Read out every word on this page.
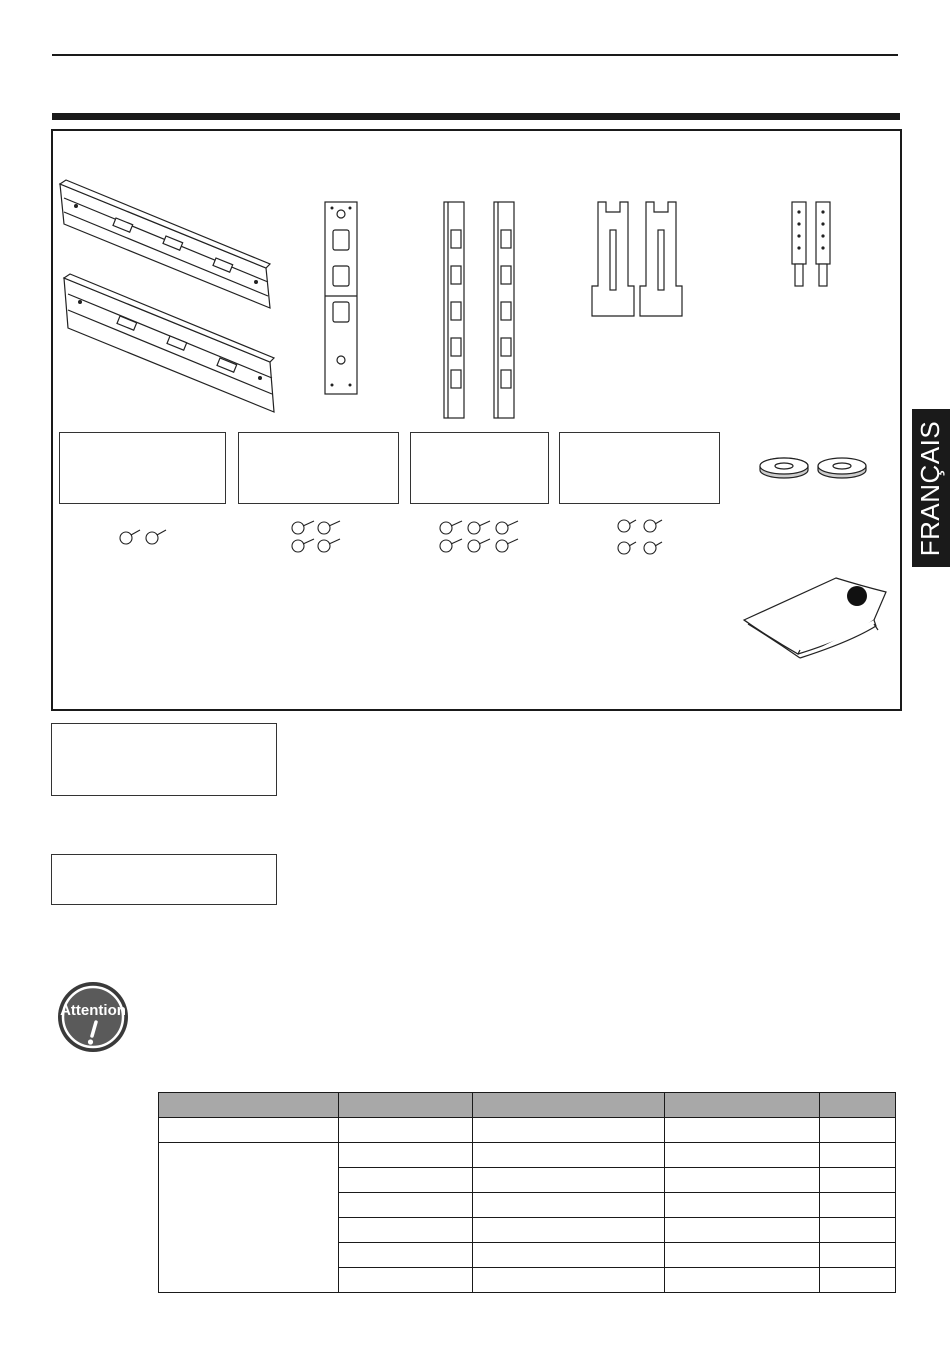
FRANÇAIS
Attention
